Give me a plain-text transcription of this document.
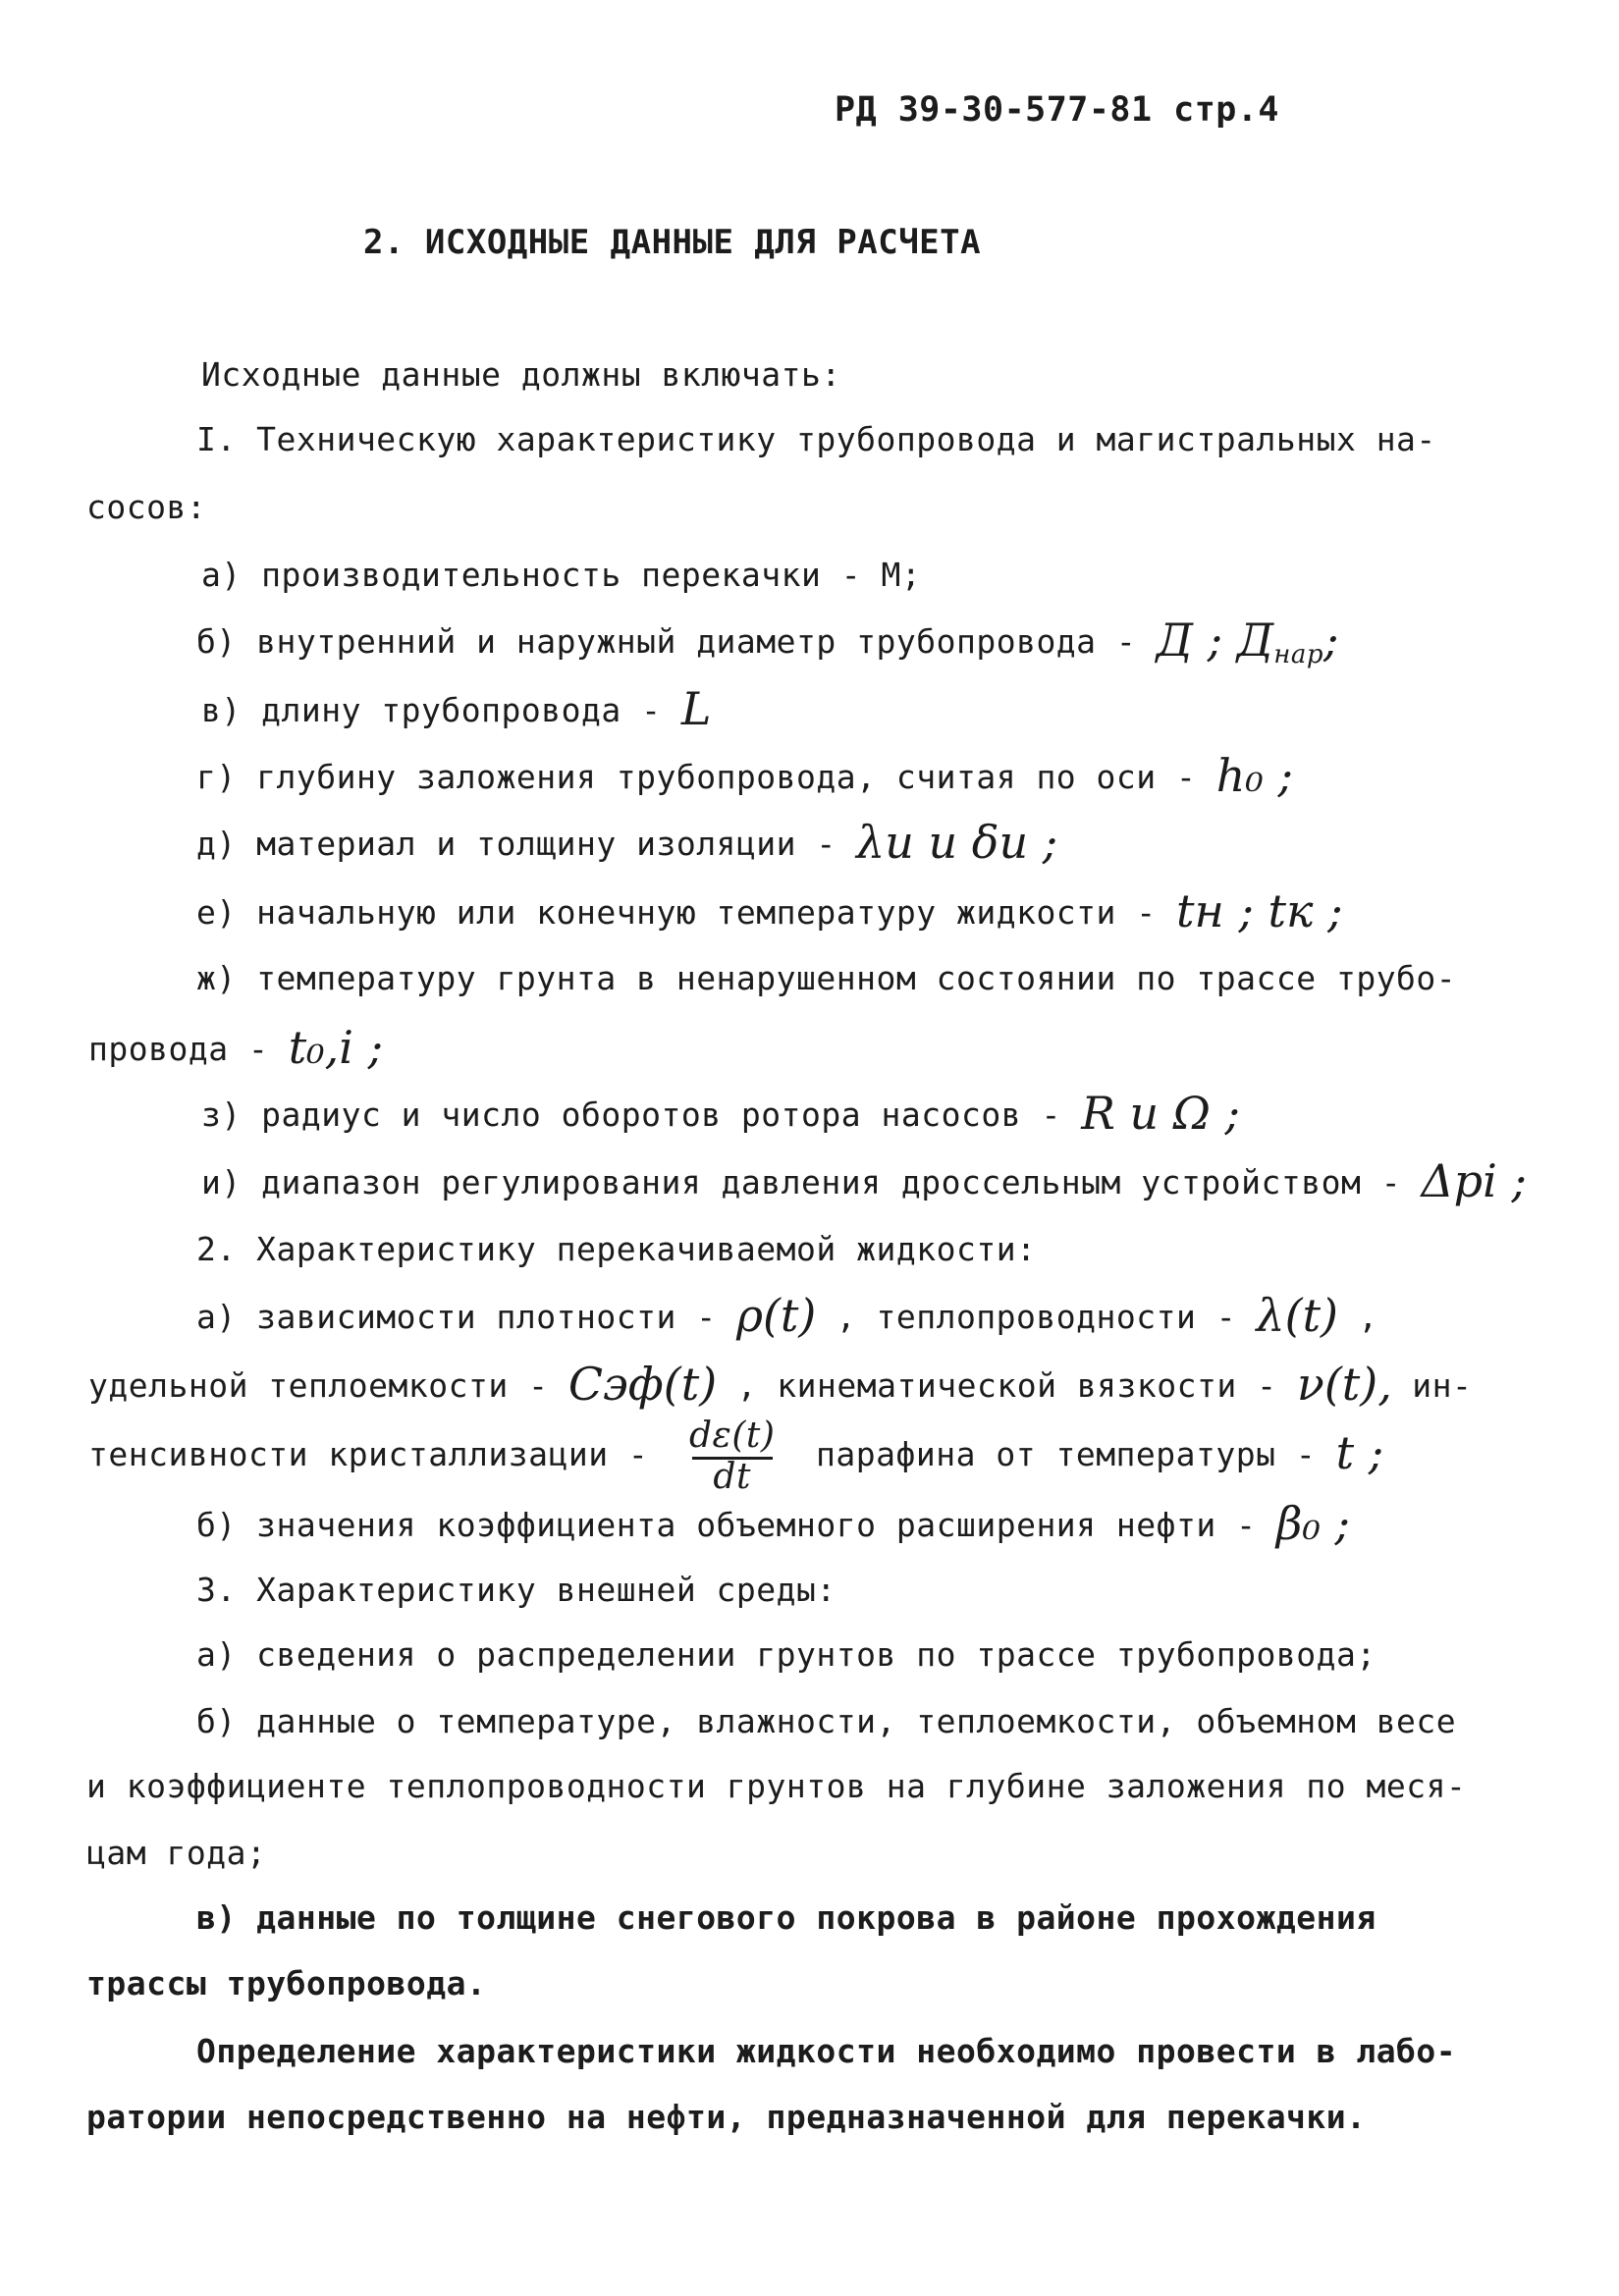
РД 39-30-577-81 стр.4
2. ИСХОДНЫЕ ДАННЫЕ ДЛЯ РАСЧЕТА
Исходные данные должны включать:
I. Техническую характеристику трубопровода и магистральных на-
сосов:
а) производительность перекачки - М;
б) внутренний и наружный диаметр трубопровода - Д ; $Д_{нар}$;
в) длину трубопровода - L
г) глубину заложения трубопровода, считая по оси - h₀ ;
д) материал и толщину изоляции - λи и δи ;
е) начальную или конечную температуру жидкости - tн ; tк ;
ж) температуру грунта в ненарушенном состоянии по трассе трубо-
провода - t₀,i ;
з) радиус и число оборотов ротора насосов - R и Ω ;
и) диапазон регулирования давления дроссельным устройством - Δpi ;
2. Характеристику перекачиваемой жидкости:
а) зависимости плотности - ρ(t) , теплопроводности - λ(t) ,
удельной теплоемкости - Cэф(t) , кинематической вязкости - ν(t), ин-
тенсивности кристаллизации - $\frac{d\varepsilon(t)}{dt}$ парафина от температуры - t ;
б) значения коэффициента объемного расширения нефти - β₀ ;
3. Характеристику внешней среды:
а) сведения о распределении грунтов по трассе трубопровода;
б) данные о температуре, влажности, теплоемкости, объемном весе
и коэффициенте теплопроводности грунтов на глубине заложения по меся-
цам года;
в) данные по толщине снегового покрова в районе прохождения
трассы трубопровода.
Определение характеристики жидкости необходимо провести в лабо-
ратории непосредственно на нефти, предназначенной для перекачки.
